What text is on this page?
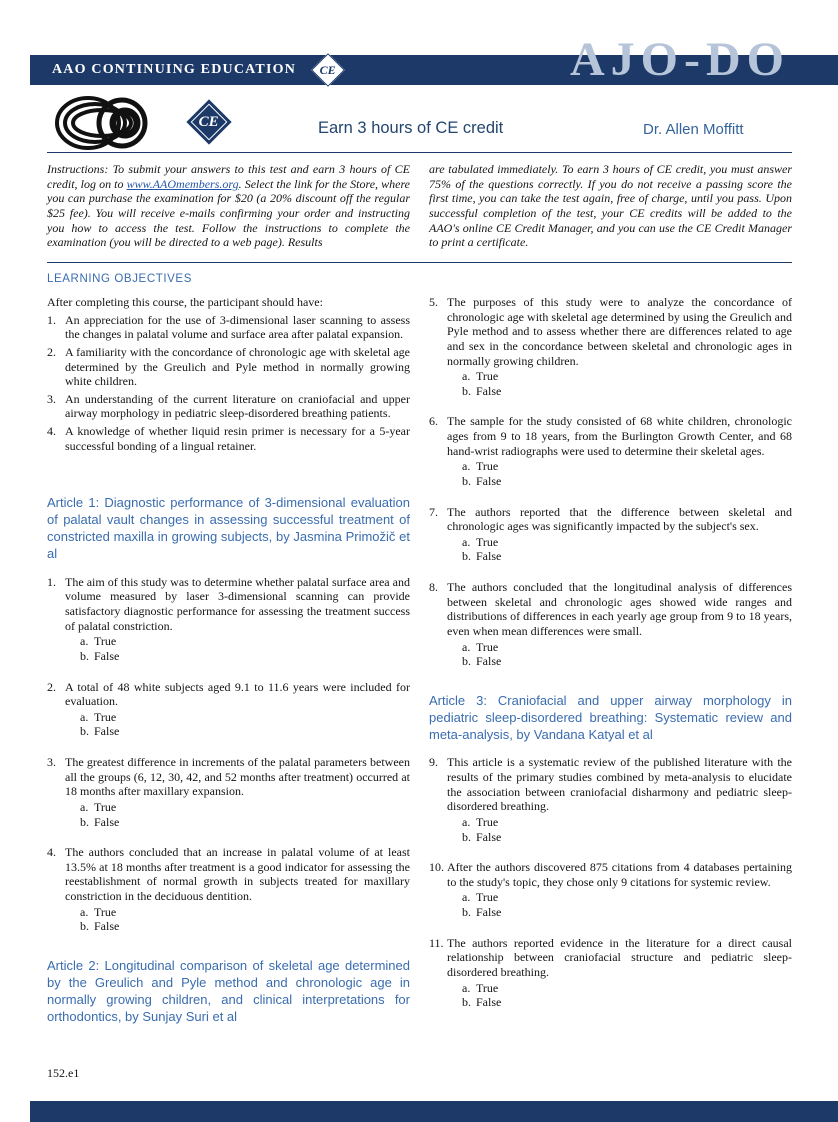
AAO CONTINUING EDUCATION CE	AJO-DO
CE	Earn 3 hours of CE credit	Dr. Allen Moffitt

Instructions: To submit your answers to this test and earn 3 hours of CE credit, log on to www.AAOmembers.org. Select the link for the Store, where you can purchase the examination for $20 (a 20% discount off the regular $25 fee). You will receive e-mails confirming your order and instructing you how to access the test. Follow the instructions to complete the examination (you will be directed to a web page). Results

are tabulated immediately. To earn 3 hours of CE credit, you must answer 75% of the questions correctly. If you do not receive a passing score the first time, you can take the test again, free of charge, until you pass. Upon successful completion of the test, your CE credits will be added to the AAO's online CE Credit Manager, and you can use the CE Credit Manager to print a certificate.

LEARNING OBJECTIVES

After completing this course, the participant should have:

1. An appreciation for the use of 3-dimensional laser scanning to assess the changes in palatal volume and surface area after palatal expansion.
2. A familiarity with the concordance of chronologic age with skeletal age determined by the Greulich and Pyle method in normally growing white children.
3. An understanding of the current literature on craniofacial and upper airway morphology in pediatric sleep-disordered breathing patients.
4. A knowledge of whether liquid resin primer is necessary for a 5-year successful bonding of a lingual retainer.
Article 1: Diagnostic performance of 3-dimensional evaluation of palatal vault changes in assessing successful treatment of constricted maxilla in growing subjects, by Jasmina Primožič et al
1. The aim of this study was to determine whether palatal surface area and volume measured by laser 3-dimensional scanning can provide satisfactory diagnostic performance for assessing the treatment success of palatal constriction.
a. True
b. False
2. A total of 48 white subjects aged 9.1 to 11.6 years were included for evaluation.
a. True
b. False
3. The greatest difference in increments of the palatal parameters between all the groups (6, 12, 30, 42, and 52 months after treatment) occurred at 18 months after maxillary expansion.
a. True
b. False
4. The authors concluded that an increase in palatal volume of at least 13.5% at 18 months after treatment is a good indicator for assessing the reestablishment of normal growth in subjects treated for maxillary constriction in the deciduous dentition.
a. True
b. False
Article 2: Longitudinal comparison of skeletal age determined by the Greulich and Pyle method and chronologic age in normally growing children, and clinical interpretations for orthodontics, by Sunjay Suri et al
5. The purposes of this study were to analyze the concordance of chronologic age with skeletal age determined by using the Greulich and Pyle method and to assess whether there are differences related to age and sex in the concordance between skeletal and chronologic ages in normally growing children.
a. True
b. False
6. The sample for the study consisted of 68 white children, chronologic ages from 9 to 18 years, from the Burlington Growth Center, and 68 hand-wrist radiographs were used to determine their skeletal ages.
a. True
b. False
7. The authors reported that the difference between skeletal and chronologic ages was significantly impacted by the subject's sex.
a. True
b. False
8. The authors concluded that the longitudinal analysis of differences between skeletal and chronologic ages showed wide ranges and distributions of differences in each yearly age group from 9 to 18 years, even when mean differences were small.
a. True
b. False
Article 3: Craniofacial and upper airway morphology in pediatric sleep-disordered breathing: Systematic review and meta-analysis, by Vandana Katyal et al
9. This article is a systematic review of the published literature with the results of the primary studies combined by meta-analysis to elucidate the association between craniofacial disharmony and pediatric sleep-disordered breathing.
a. True
b. False
10. After the authors discovered 875 citations from 4 databases pertaining to the study's topic, they chose only 9 citations for systemic review.
a. True
b. False
11. The authors reported evidence in the literature for a direct causal relationship between craniofacial structure and pediatric sleep-disordered breathing.
a. True
b. False
152.e1
